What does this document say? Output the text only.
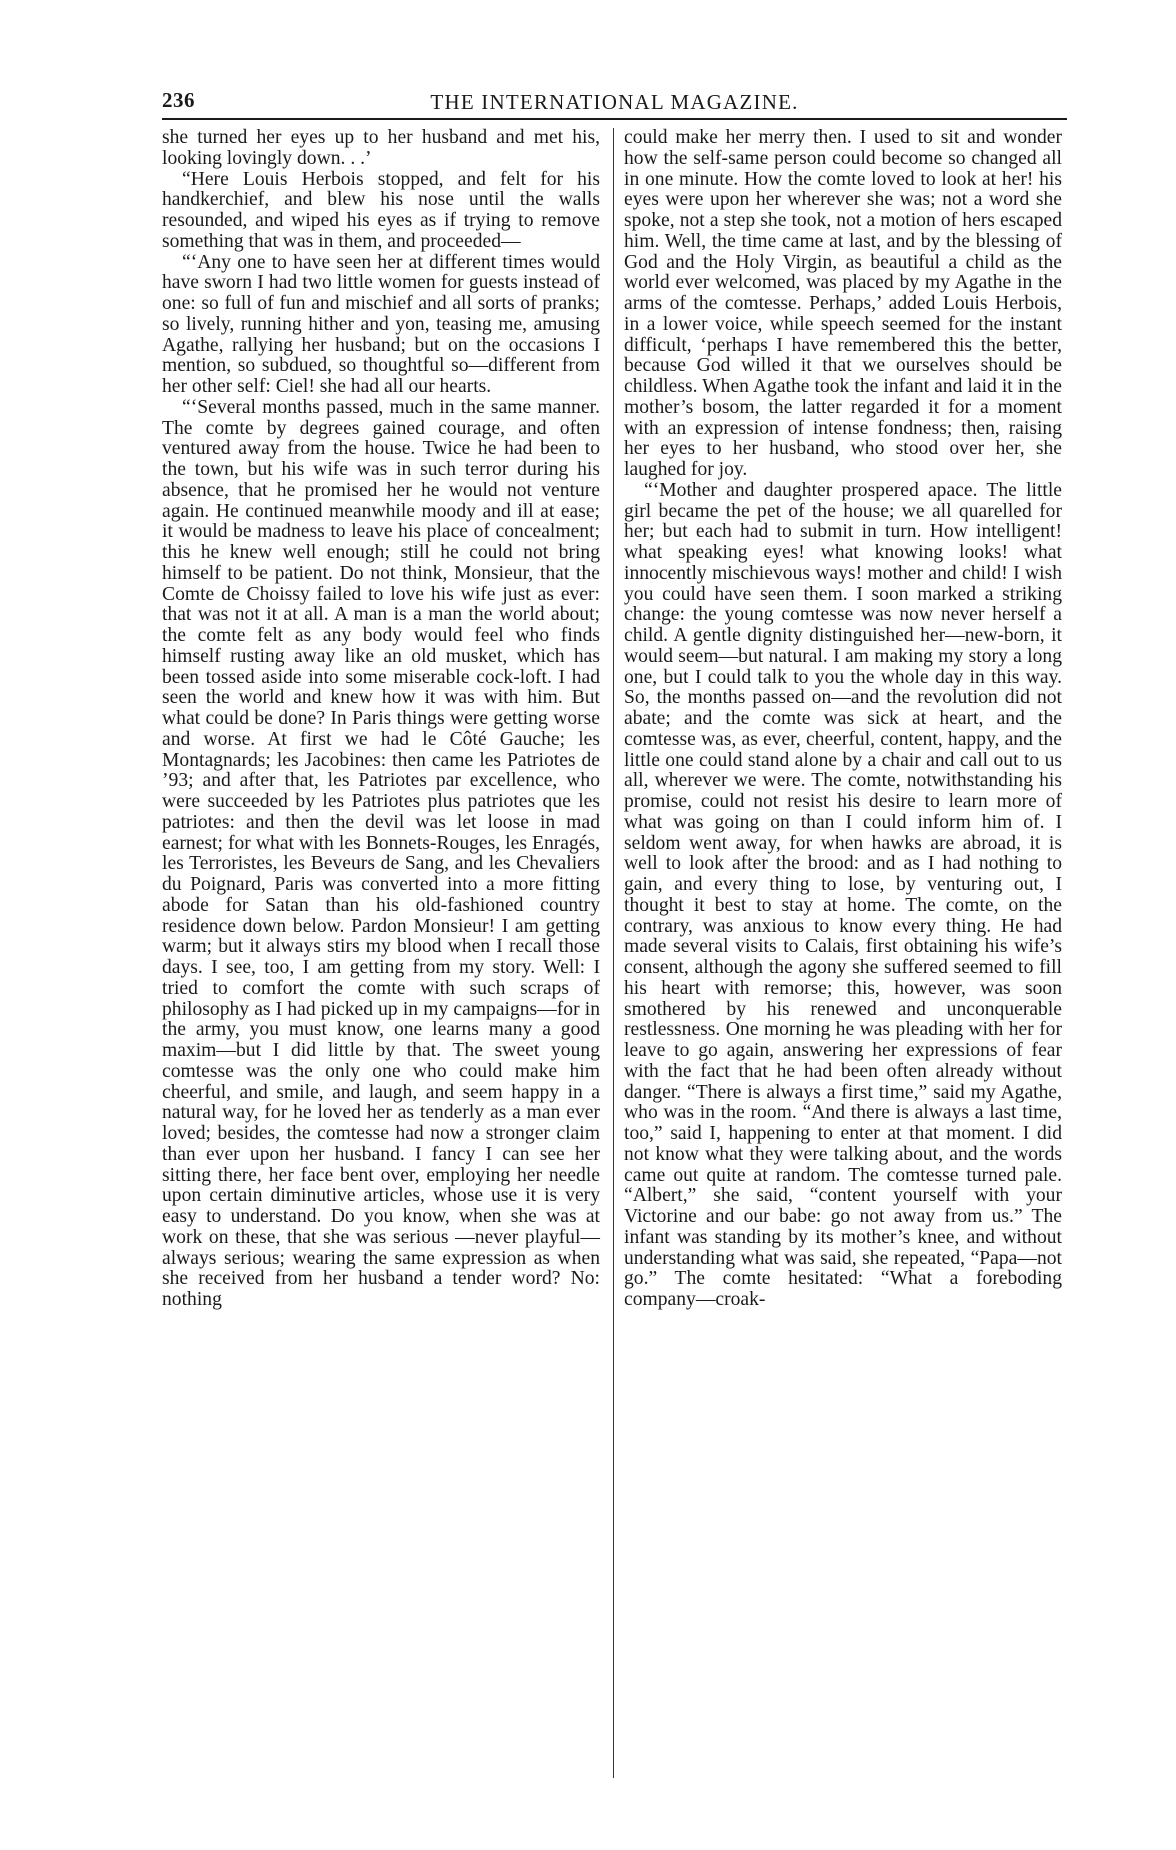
236	THE INTERNATIONAL MAGAZINE.

she turned her eyes up to her husband and met his, looking lovingly down. . .’

“Here Louis Herbois stopped, and felt for his handkerchief, and blew his nose until the walls resounded, and wiped his eyes as if trying to remove something that was in them, and proceeded—

“‘Any one to have seen her at different times would have sworn I had two little women for guests instead of one: so full of fun and mischief and all sorts of pranks; so lively, running hither and yon, teasing me, amusing Agathe, rallying her husband; but on the occasions I mention, so subdued, so thoughtful so—different from her other self: Ciel! she had all our hearts.

“‘Several months passed, much in the same manner. The comte by degrees gained courage, and often ventured away from the house. Twice he had been to the town, but his wife was in such terror during his absence, that he promised her he would not venture again. He continued meanwhile moody and ill at ease; it would be madness to leave his place of concealment; this he knew well enough; still he could not bring himself to be patient. Do not think, Monsieur, that the Comte de Choissy failed to love his wife just as ever: that was not it at all. A man is a man the world about; the comte felt as any body would feel who finds himself rusting away like an old musket, which has been tossed aside into some miserable cock-loft. I had seen the world and knew how it was with him. But what could be done? In Paris things were getting worse and worse. At first we had le Côté Gauche; les Montagnards; les Jacobines: then came les Patriotes de ’93; and after that, les Patriotes par excellence, who were succeeded by les Patriotes plus patriotes que les patriotes: and then the devil was let loose in mad earnest; for what with les Bonnets-Rouges, les Enragés, les Terroristes, les Beveurs de Sang, and les Chevaliers du Poignard, Paris was converted into a more fitting abode for Satan than his old-fashioned country residence down below. Pardon Monsieur! I am getting warm; but it always stirs my blood when I recall those days. I see, too, I am getting from my story. Well: I tried to comfort the comte with such scraps of philosophy as I had picked up in my campaigns—for in the army, you must know, one learns many a good maxim—but I did little by that. The sweet young comtesse was the only one who could make him cheerful, and smile, and laugh, and seem happy in a natural way, for he loved her as tenderly as a man ever loved; besides, the comtesse had now a stronger claim than ever upon her husband. I fancy I can see her sitting there, her face bent over, employing her needle upon certain diminutive articles, whose use it is very easy to understand. Do you know, when she was at work on these, that she was serious —never playful—always serious; wearing the same expression as when she received from her husband a tender word? No: nothing

could make her merry then. I used to sit and wonder how the self-same person could become so changed all in one minute. How the comte loved to look at her! his eyes were upon her wherever she was; not a word she spoke, not a step she took, not a motion of hers escaped him. Well, the time came at last, and by the blessing of God and the Holy Virgin, as beautiful a child as the world ever welcomed, was placed by my Agathe in the arms of the comtesse. Perhaps,’ added Louis Herbois, in a lower voice, while speech seemed for the instant difficult, ‘perhaps I have remembered this the better, because God willed it that we ourselves should be childless. When Agathe took the infant and laid it in the mother’s bosom, the latter regarded it for a moment with an expression of intense fondness; then, raising her eyes to her husband, who stood over her, she laughed for joy.

“‘Mother and daughter prospered apace. The little girl became the pet of the house; we all quarelled for her; but each had to submit in turn. How intelligent! what speaking eyes! what knowing looks! what innocently mischievous ways! mother and child! I wish you could have seen them. I soon marked a striking change: the young comtesse was now never herself a child. A gentle dignity distinguished her—new-born, it would seem—but natural. I am making my story a long one, but I could talk to you the whole day in this way. So, the months passed on—and the revolution did not abate; and the comte was sick at heart, and the comtesse was, as ever, cheerful, content, happy, and the little one could stand alone by a chair and call out to us all, wherever we were. The comte, notwithstanding his promise, could not resist his desire to learn more of what was going on than I could inform him of. I seldom went away, for when hawks are abroad, it is well to look after the brood: and as I had nothing to gain, and every thing to lose, by venturing out, I thought it best to stay at home. The comte, on the contrary, was anxious to know every thing. He had made several visits to Calais, first obtaining his wife’s consent, although the agony she suffered seemed to fill his heart with remorse; this, however, was soon smothered by his renewed and unconquerable restlessness. One morning he was pleading with her for leave to go again, answering her expressions of fear with the fact that he had been often already without danger. “There is always a first time,” said my Agathe, who was in the room. “And there is always a last time, too,” said I, happening to enter at that moment. I did not know what they were talking about, and the words came out quite at random. The comtesse turned pale. “Albert,” she said, “content yourself with your Victorine and our babe: go not away from us.” The infant was standing by its mother’s knee, and without understanding what was said, she repeated, “Papa—not go.” The comte hesitated: “What a foreboding company—croak-
